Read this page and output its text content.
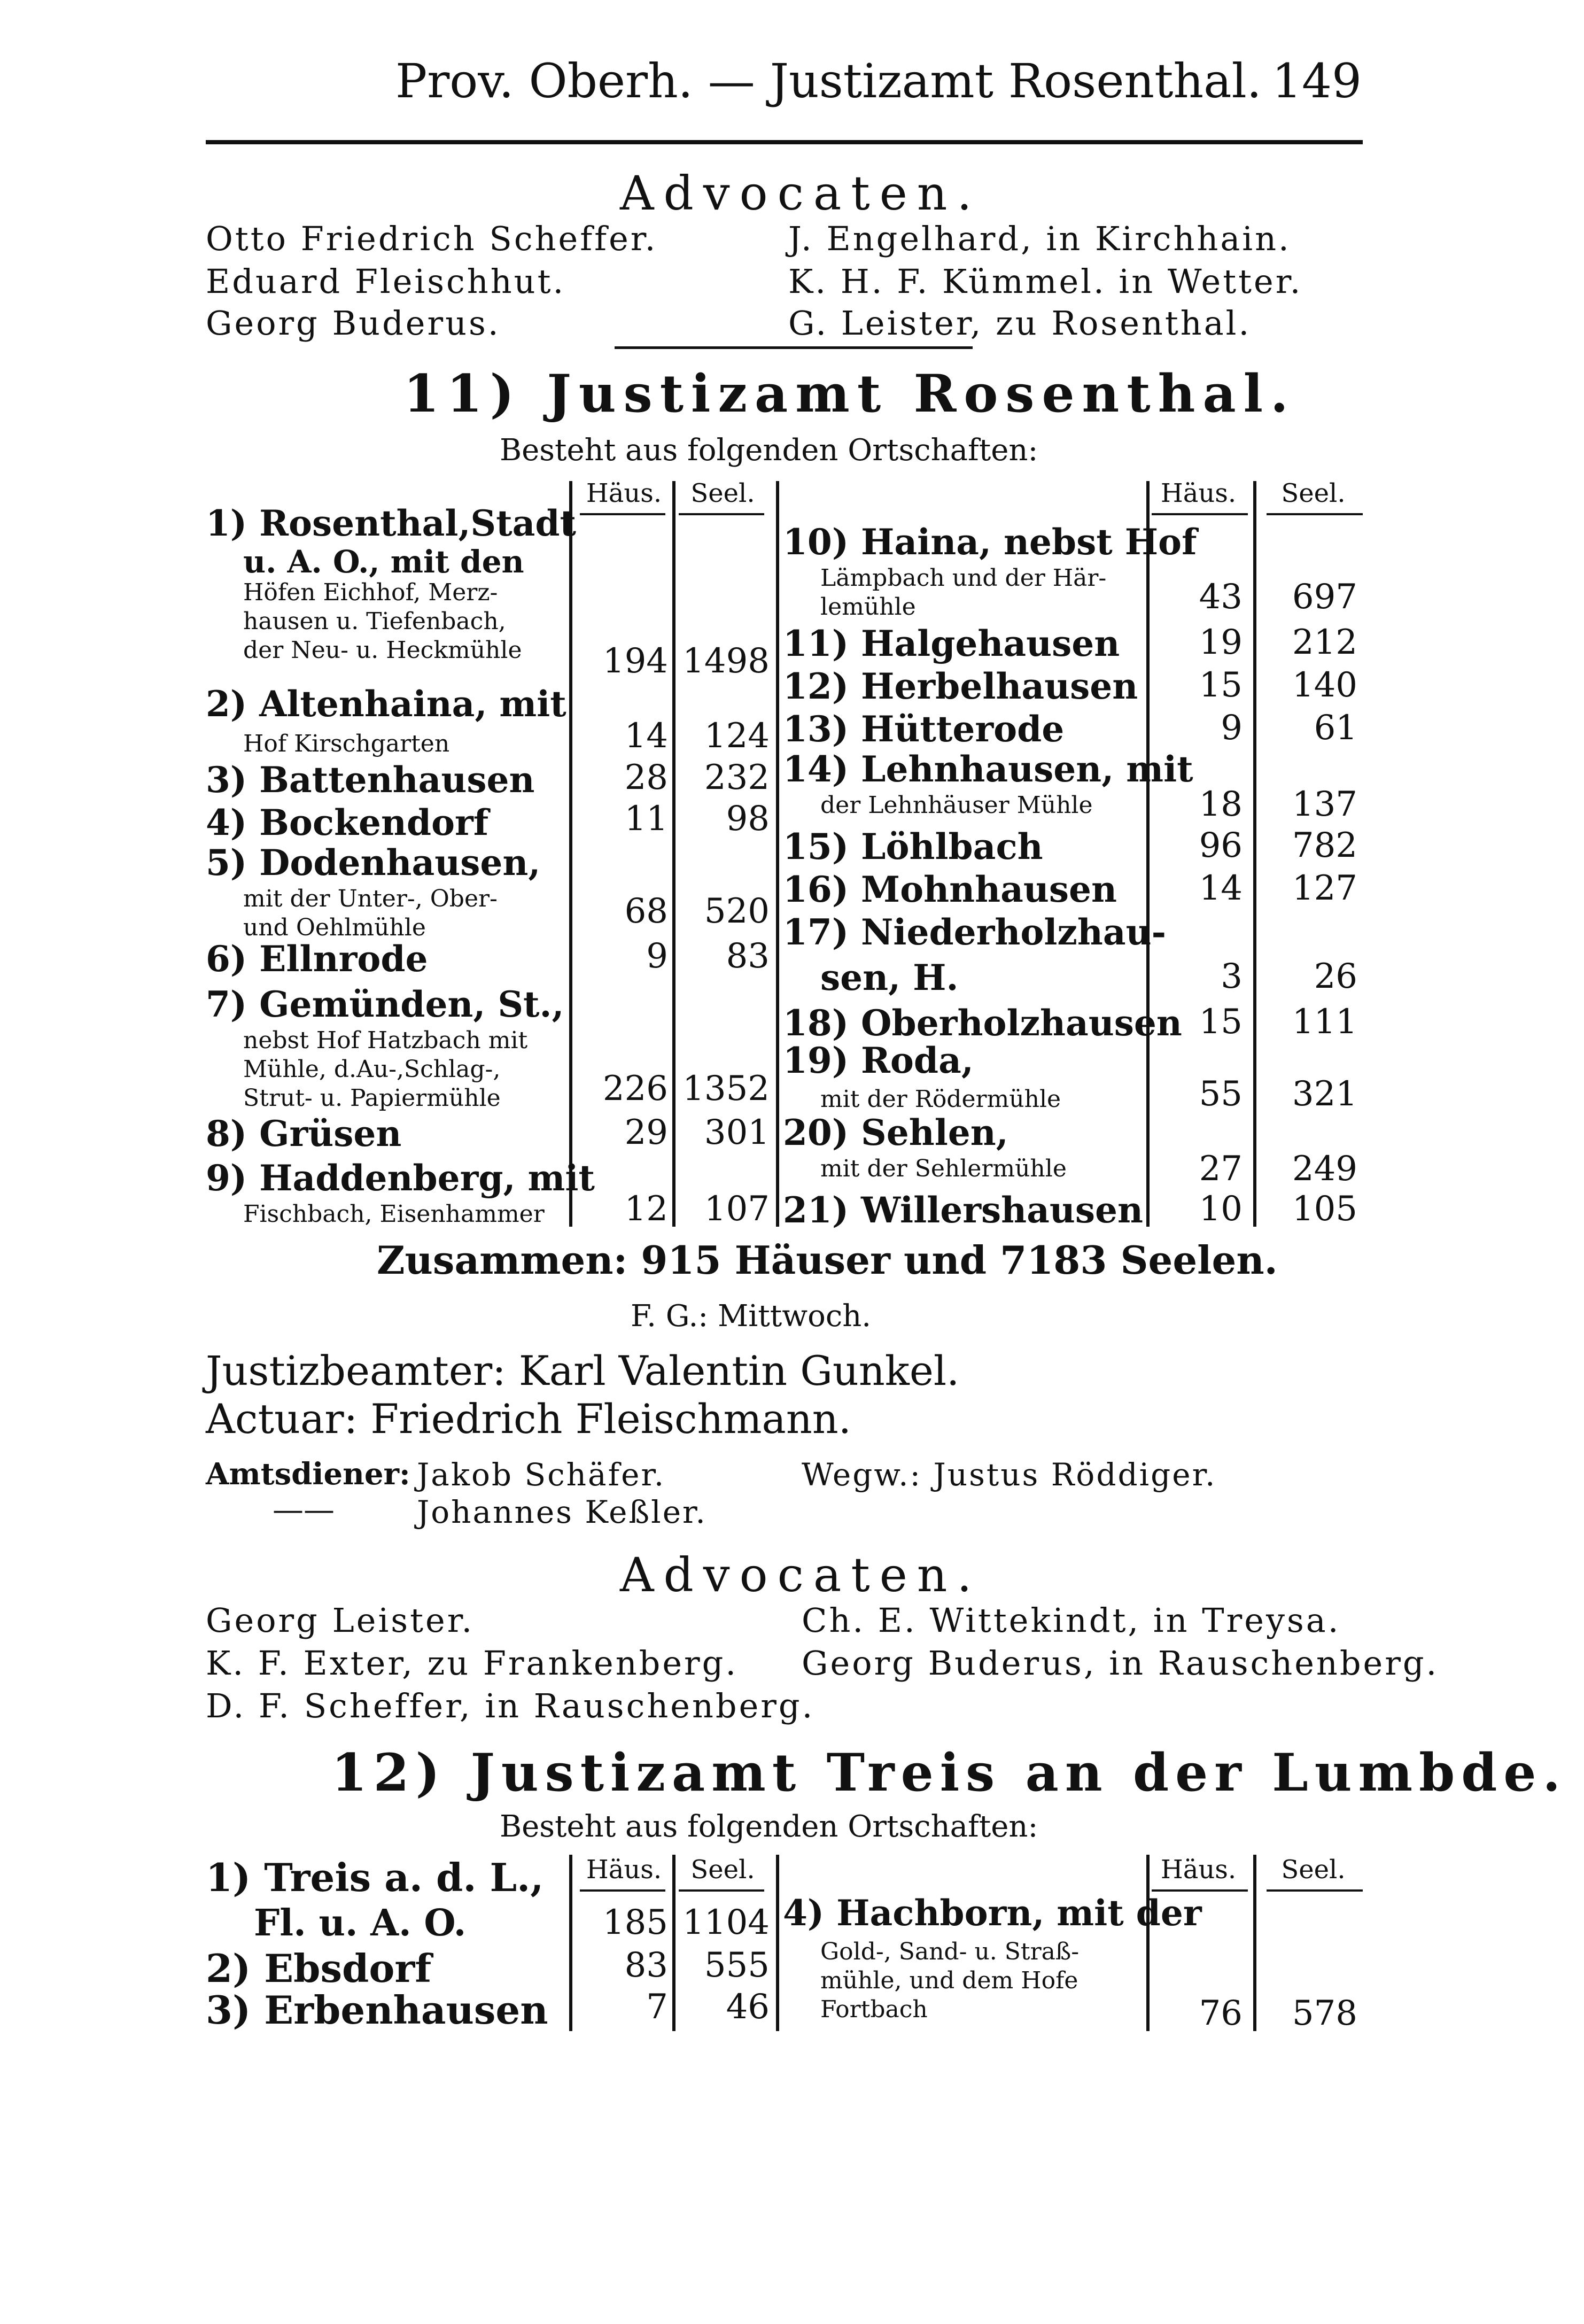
Prov. Oberh. — Justizamt Rosenthal. 149
Advocaten.
Otto Friedrich Scheffer.
Eduard Fleischhut.
Georg Buderus.
J. Engelhard, in Kirchhain.
K. H. F. Kümmel. in Wetter.
G. Leister, zu Rosenthal.
11) Justizamt Rosenthal.
Besteht aus folgenden Ortschaften:
Häus.	Seel.	Häus.	Seel.
1) Rosenthal,Stadt
u. A. O., mit den
Höfen Eichhof, Merz-
hausen u. Tiefenbach,
der Neu- u. Heckmühle	194 1498
2) Altenhaina, mit
Hof Kirschgarten	14	124
3) Battenhausen	28	232
4) Bockendorf	11	98
5) Dodenhausen,
mit der Unter-, Ober-
und Oehlmühle	68	520
6) Ellnrode	9	83
7) Gemünden, St.,
nebst Hof Hatzbach mit
Mühle, d.Au-,Schlag-,
Strut- u. Papiermühle	226 1352
8) Grüsen	29	301
9) Haddenberg, mit
Fischbach, Eisenhammer	12	107
10) Haina, nebst Hof
Lämpbach und der Här-
lemühle	43	697
11) Halgehausen	19	212
12) Herbelhausen	15	140
13) Hütterode	9	61
14) Lehnhausen, mit
der Lehnhäuser Mühle	18	137
15) Löhlbach	96	782
16) Mohnhausen	14	127
17) Niederholzhau-
sen, H.	3	26
18) Oberholzhausen 15	111
19) Roda,
mit der Rödermühle	55	321
20) Sehlen,
mit der Sehlermühle	27	249
21) Willershausen	10	105
Zusammen: 915 Häuser und 7183 Seelen.
F. G.: Mittwoch.
Justizbeamter: Karl Valentin Gunkel.
Actuar: Friedrich Fleischmann.
Amtsdiener: Jakob Schäfer.
——	Johannes Keßler.
Wegw.: Justus Röddiger.
Advocaten.
Georg Leister.
K. F. Exter, zu Frankenberg.
D. F. Scheffer, in Rauschenberg.
Ch. E. Wittekindt, in Treysa.
Georg Buderus, in Rauschenberg.
12) Justizamt Treis an der Lumbde.
Besteht aus folgenden Ortschaften:
Häus.	Seel.	Häus.	Seel.
1) Treis a. d. L.,
Fl. u. A. O.	185 1104
2) Ebsdorf	83	555
3) Erbenhausen	7	46
4) Hachborn, mit der
Gold-, Sand- u. Straß-
mühle, und dem Hofe
Fortbach	76	578
